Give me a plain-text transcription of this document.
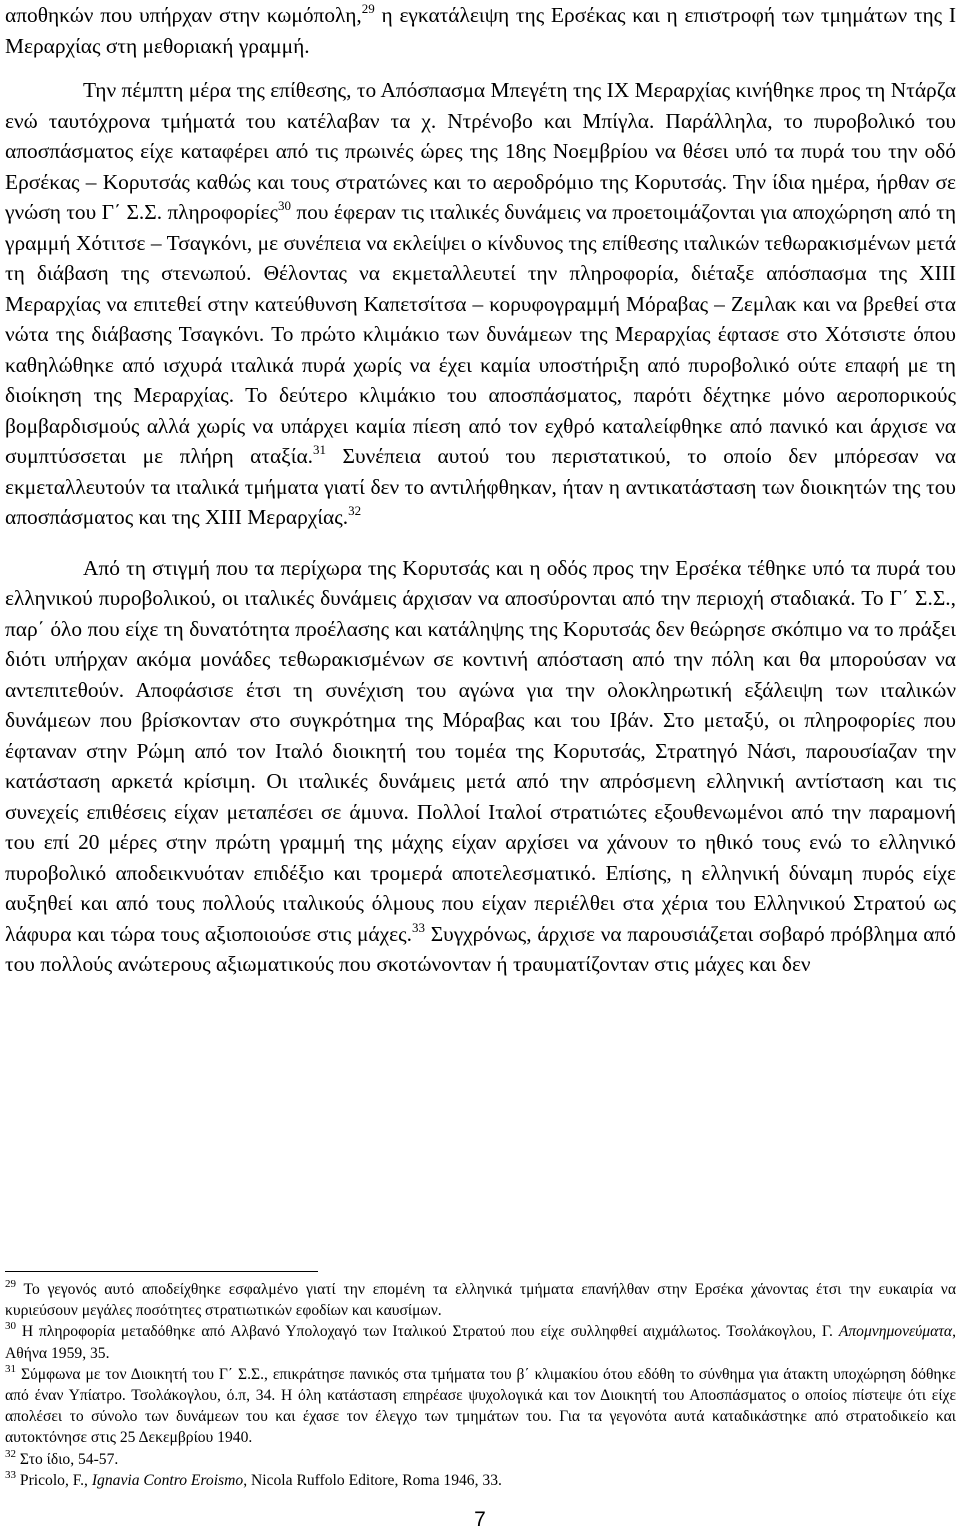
αποθηκών που υπήρχαν στην κωμόπολη,$^{29}$ η εγκατάλειψη της Ερσέκας και η επιστροφή των τμημάτων της Ι Μεραρχίας στη μεθοριακή γραμμή.

Την πέμπτη μέρα της επίθεσης, το Απόσπασμα Μπεγέτη της ΙΧ Μεραρχίας κινήθηκε προς τη Ντάρζα ενώ ταυτόχρονα τμήματά του κατέλαβαν τα χ. Ντρένοβο και Μπίγλα. Παράλληλα, το πυροβολικό του αποσπάσματος είχε καταφέρει από τις πρωινές ώρες της 18ης Νοεμβρίου να θέσει υπό τα πυρά του την οδό Ερσέκας – Κορυτσάς καθώς και τους στρατώνες και το αεροδρόμιο της Κορυτσάς. Την ίδια ημέρα, ήρθαν σε γνώση του Γ΄ Σ.Σ. πληροφορίες$^{30}$ που έφεραν τις ιταλικές δυνάμεις να προετοιμάζονται για αποχώρηση από τη γραμμή Χότιτσε – Τσαγκόνι, με συνέπεια να εκλείψει ο κίνδυνος της επίθεσης ιταλικών τεθωρακισμένων μετά τη διάβαση της στενωπού. Θέλοντας να εκμεταλλευτεί την πληροφορία, διέταξε απόσπασμα της ΧΙΙΙ Μεραρχίας να επιτεθεί στην κατεύθυνση Καπετσίτσα – κορυφογραμμή Μόραβας – Ζεμλακ και να βρεθεί στα νώτα της διάβασης Τσαγκόνι. Το πρώτο κλιμάκιο των δυνάμεων της Μεραρχίας έφτασε στο Χότσιστε όπου καθηλώθηκε από ισχυρά ιταλικά πυρά χωρίς να έχει καμία υποστήριξη από πυροβολικό ούτε επαφή με τη διοίκηση της Μεραρχίας. Το δεύτερο κλιμάκιο του αποσπάσματος, παρότι δέχτηκε μόνο αεροπορικούς βομβαρδισμούς αλλά χωρίς να υπάρχει καμία πίεση από τον εχθρό καταλείφθηκε από πανικό και άρχισε να συμπτύσσεται με πλήρη αταξία.$^{31}$ Συνέπεια αυτού του περιστατικού, το οποίο δεν μπόρεσαν να εκμεταλλευτούν τα ιταλικά τμήματα γιατί δεν το αντιλήφθηκαν, ήταν η αντικατάσταση των διοικητών της του αποσπάσματος και της ΧΙΙΙ Μεραρχίας.$^{32}$

Από τη στιγμή που τα περίχωρα της Κορυτσάς και η οδός προς την Ερσέκα τέθηκε υπό τα πυρά του ελληνικού πυροβολικού, οι ιταλικές δυνάμεις άρχισαν να αποσύρονται από την περιοχή σταδιακά. Το Γ΄ Σ.Σ., παρ΄ όλο που είχε τη δυνατότητα προέλασης και κατάληψης της Κορυτσάς δεν θεώρησε σκόπιμο να το πράξει διότι υπήρχαν ακόμα μονάδες τεθωρακισμένων σε κοντινή απόσταση από την πόλη και θα μπορούσαν να αντεπιτεθούν. Αποφάσισε έτσι τη συνέχιση του αγώνα για την ολοκληρωτική εξάλειψη των ιταλικών δυνάμεων που βρίσκονταν στο συγκρότημα της Μόραβας και του Ιβάν. Στο μεταξύ, οι πληροφορίες που έφταναν στην Ρώμη από τον Ιταλό διοικητή του τομέα της Κορυτσάς, Στρατηγό Νάσι, παρουσίαζαν την κατάσταση αρκετά κρίσιμη. Οι ιταλικές δυνάμεις μετά από την απρόσμενη ελληνική αντίσταση και τις συνεχείς επιθέσεις είχαν μεταπέσει σε άμυνα. Πολλοί Ιταλοί στρατιώτες εξουθενωμένοι από την παραμονή του επί 20 μέρες στην πρώτη γραμμή της μάχης είχαν αρχίσει να χάνουν το ηθικό τους ενώ το ελληνικό πυροβολικό αποδεικνυόταν επιδέξιο και τρομερά αποτελεσματικό. Επίσης, η ελληνική δύναμη πυρός είχε αυξηθεί και από τους πολλούς ιταλικούς όλμους που είχαν περιέλθει στα χέρια του Ελληνικού Στρατού ως λάφυρα και τώρα τους αξιοποιούσε στις μάχες.$^{33}$ Συγχρόνως, άρχισε να παρουσιάζεται σοβαρό πρόβλημα από του πολλούς ανώτερους αξιωματικούς που σκοτώνονταν ή τραυματίζονταν στις μάχες και δεν

$^{29}$ Το γεγονός αυτό αποδείχθηκε εσφαλμένο γιατί την επομένη τα ελληνικά τμήματα επανήλθαν στην Ερσέκα χάνοντας έτσι την ευκαιρία να κυριεύσουν μεγάλες ποσότητες στρατιωτικών εφοδίων και καυσίμων.

$^{30}$ Η πληροφορία μεταδόθηκε από Αλβανό Υπολοχαγό των Ιταλικού Στρατού που είχε συλληφθεί αιχμάλωτος. Τσολάκογλου, Γ. Απομνημονεύματα, Αθήνα 1959, 35.

$^{31}$ Σύμφωνα με τον Διοικητή του Γ΄ Σ.Σ., επικράτησε πανικός στα τμήματα του β΄ κλιμακίου ότου εδόθη το σύνθημα για άτακτη υποχώρηση δόθηκε από έναν Υπίατρο. Τσολάκογλου, ό.π, 34. Η όλη κατάσταση επηρέασε ψυχολογικά και τον Διοικητή του Αποσπάσματος ο οποίος πίστεψε ότι είχε απολέσει το σύνολο των δυνάμεων του και έχασε τον έλεγχο των τμημάτων του. Για τα γεγονότα αυτά καταδικάστηκε από στρατοδικείο και αυτοκτόνησε στις 25 Δεκεμβρίου 1940.

$^{32}$ Στο ίδιο, 54-57.

$^{33}$ Pricolo, F., Ignavia Contro Eroismo, Nicola Ruffolo Editore, Roma 1946, 33.

7
